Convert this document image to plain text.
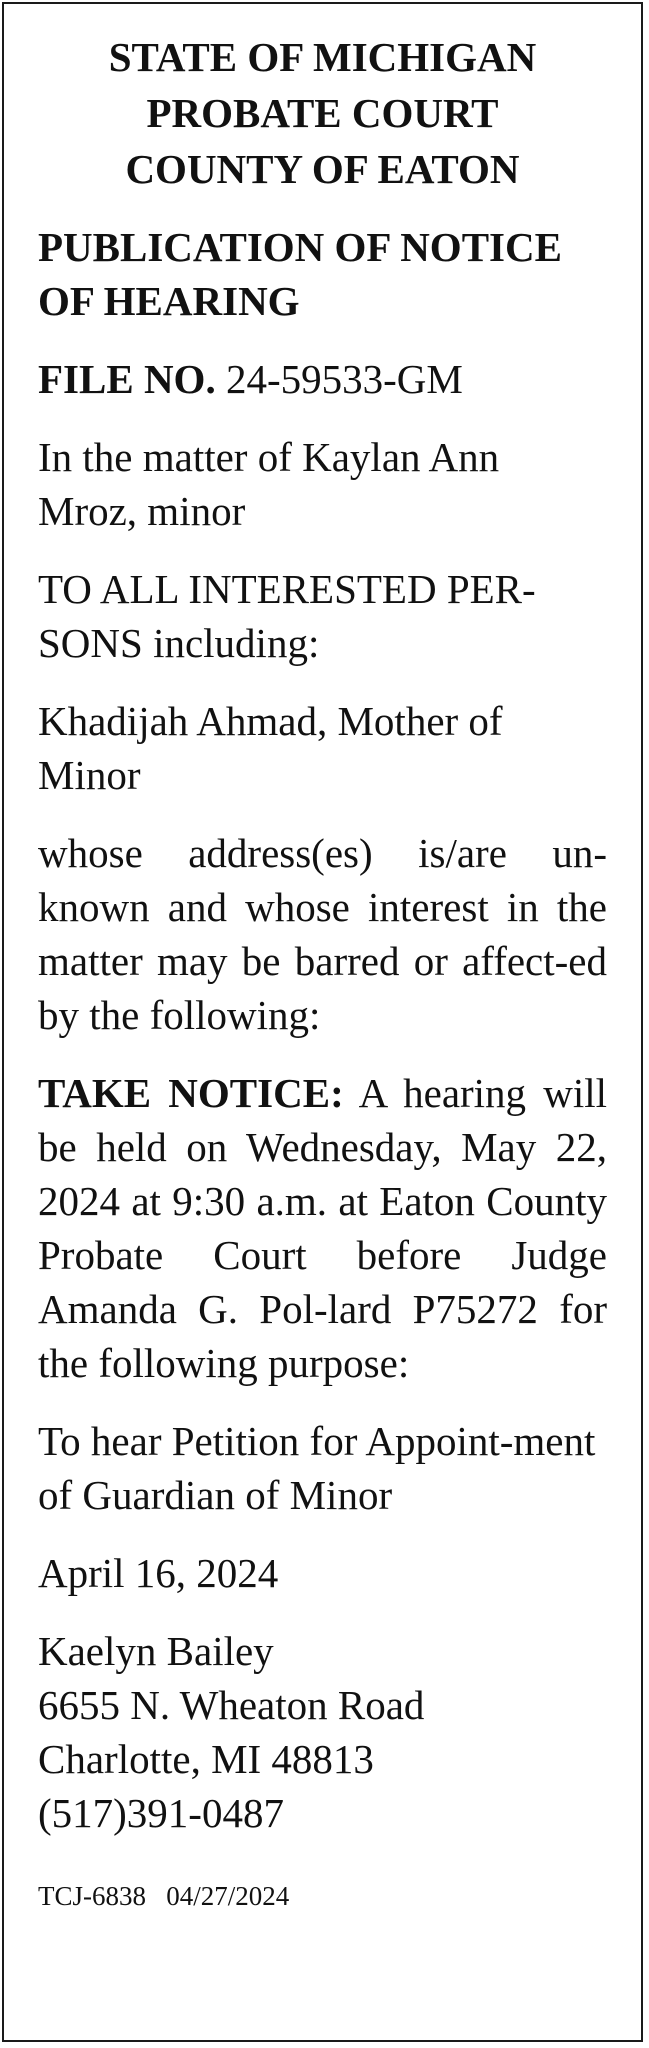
STATE OF MICHIGAN
PROBATE COURT
COUNTY OF EATON

PUBLICATION OF NOTICE
OF HEARING

FILE NO. 24-59533-GM

In the matter of Kaylan Ann
Mroz, minor

TO ALL INTERESTED PER-
SONS including:

Khadijah Ahmad, Mother of
Minor

whose address(es) is/are un-known and whose interest in the matter may be barred or affect-ed by the following:

TAKE NOTICE: A hearing will be held on Wednesday, May 22, 2024 at 9:30 a.m. at Eaton County Probate Court before Judge Amanda G. Pol-lard P75272 for the following purpose:

To hear Petition for Appoint-ment of Guardian of Minor

April 16, 2024

Kaelyn Bailey
6655 N. Wheaton Road
Charlotte, MI 48813
(517)391-0487

TCJ-6838   04/27/2024
